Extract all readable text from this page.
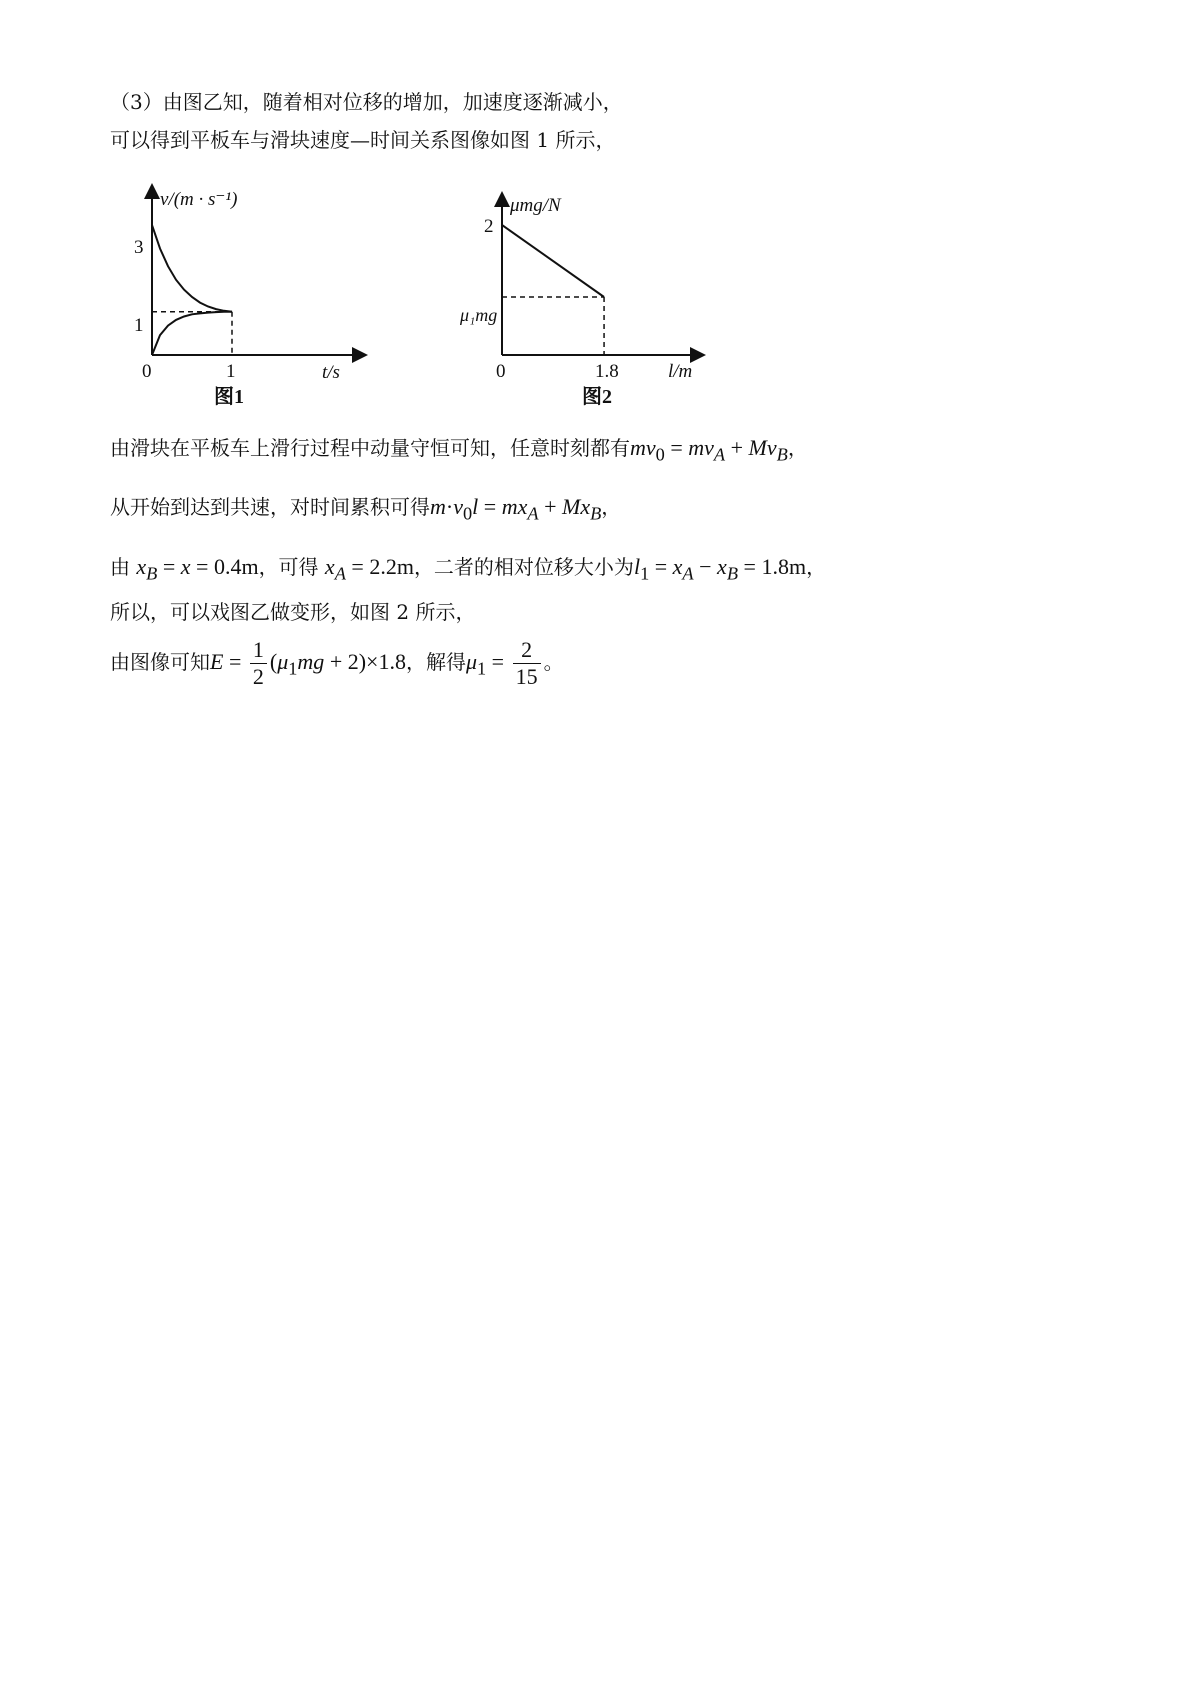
（3）由图乙知，随着相对位移的增加，加速度逐渐减小，
可以得到平板车与滑块速度—时间关系图像如图 1 所示，
v/(m · s⁻¹)
3
1
0	1	t/s
图1
μmg/N
2
μ₁mg
0	1.8	l/m
图2
由滑块在平板车上滑行过程中动量守恒可知，任意时刻都有$mv_0 = mv_A + Mv_B$，
从开始到达到共速，对时间累积可得$m\cdot v_0l = mx_A + Mx_B$，
由 $x_B = x = 0.4m$，可得 $x_A = 2.2m$，二者的相对位移大小为$l_1 = x_A - x_B = 1.8m$，
所以，可以戏图乙做变形，如图 2 所示，
由图像可知$E = \frac{1}{2} (\mu_1mg + 2)\times 1.8$，解得$\mu_1 = \frac{2}{15}$ 。
